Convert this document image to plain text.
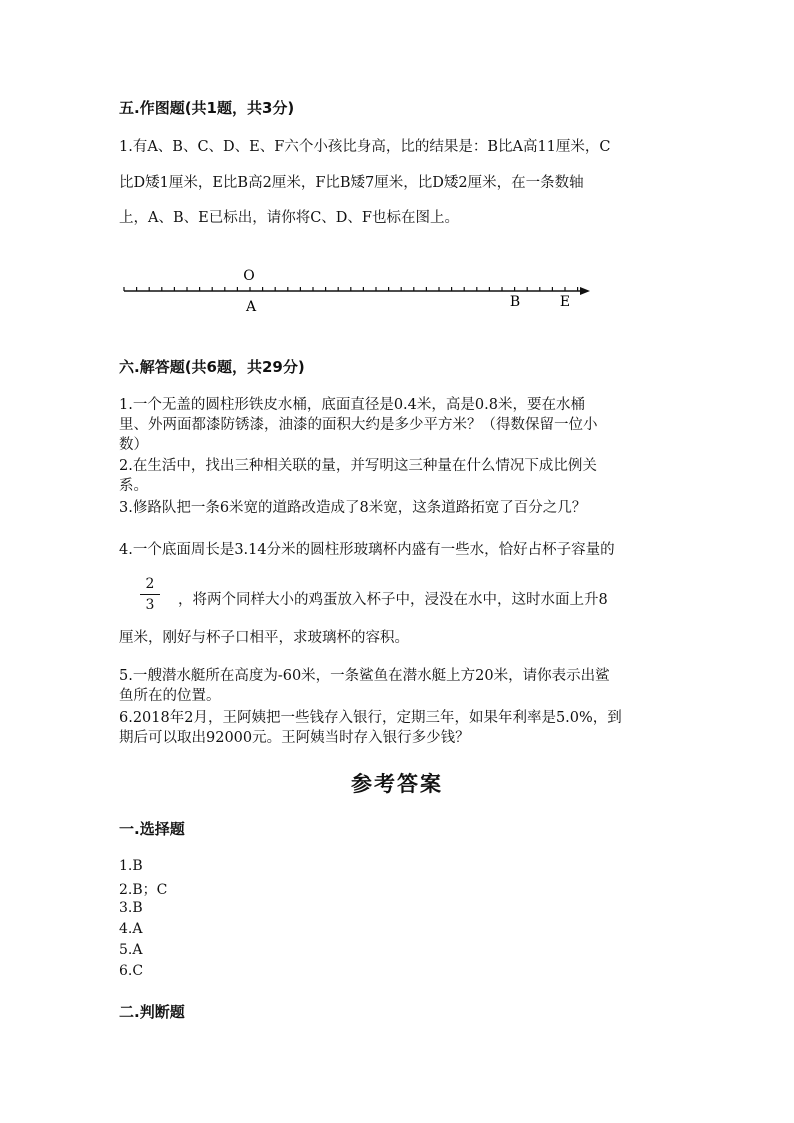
五.作图题(共1题，共3分)
1.有A、B、C、D、E、F六个小孩比身高，比的结果是：B比A高11厘米，C
比D矮1厘米，E比B高2厘米，F比B矮7厘米，比D矮2厘米，在一条数轴
上，A、B、E已标出，请你将C、D、F也标在图上。
O
A	B	E
六.解答题(共6题，共29分)
1.一个无盖的圆柱形铁皮水桶，底面直径是0.4米，高是0.8米，要在水桶
里、外两面都漆防锈漆，油漆的面积大约是多少平方米？（得数保留一位小
数）
2.在生活中，找出三种相关联的量，并写明这三种量在什么情况下成比例关
系。
3.修路队把一条6米宽的道路改造成了8米宽，这条道路拓宽了百分之几？
4.一个底面周长是3.14分米的圆柱形玻璃杯内盛有一些水，恰好占杯子容量的
2
3	，将两个同样大小的鸡蛋放入杯子中，浸没在水中，这时水面上升8
厘米，刚好与杯子口相平，求玻璃杯的容积。
5.一艘潜水艇所在高度为-60米，一条鲨鱼在潜水艇上方20米，请你表示出鲨
鱼所在的位置。
6.2018年2月，王阿姨把一些钱存入银行，定期三年，如果年利率是5.0%，到
期后可以取出92000元。王阿姨当时存入银行多少钱？
参考答案
一.选择题
1.B
2.B；C
3.B
4.A
5.A
6.C
二.判断题
